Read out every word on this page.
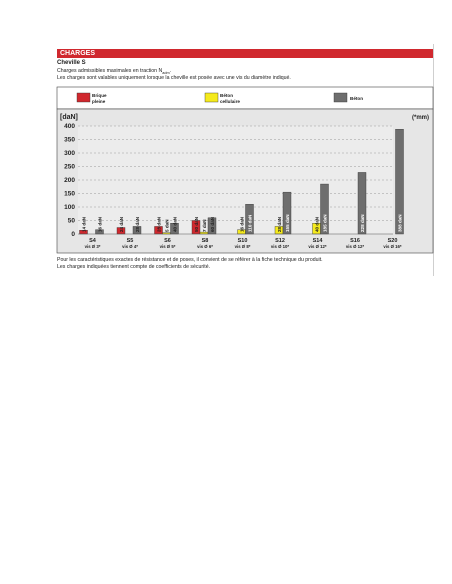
CHARGES
Cheville S
Charges admissibles maximales en traction $N_{adm}$.
Les charges sont valables uniquement lorsque la cheville est posée avec une vis du diamètre indiqué.
Brique
pleine
Béton
cellulaire
Béton
[daN]	(*mm)
0
50
100
150
200
250
300
350
400
14 daN 16 daN	24 daN 28 daN	28 daN 5 daN 40 daN	50 daN 7 daN 60 daN	16 daN 110 daN	28 daN 155 daN	40 daN 185 daN	228 daN	388 daN
S4
vis Ø 3*
S5
vis Ø 4*
S6
vis Ø 5*
S8
vis Ø 6*
S10
vis Ø 8*
S12
vis Ø 10*
S14
vis Ø 12*
S16
vis Ø 12*
S20
vis Ø 16*
Pour les caractéristiques exactes de résistance et de poses, il convient de se référer à la fiche technique du produit.
Les charges indiquées tiennent compte de coefficients de sécurité.
